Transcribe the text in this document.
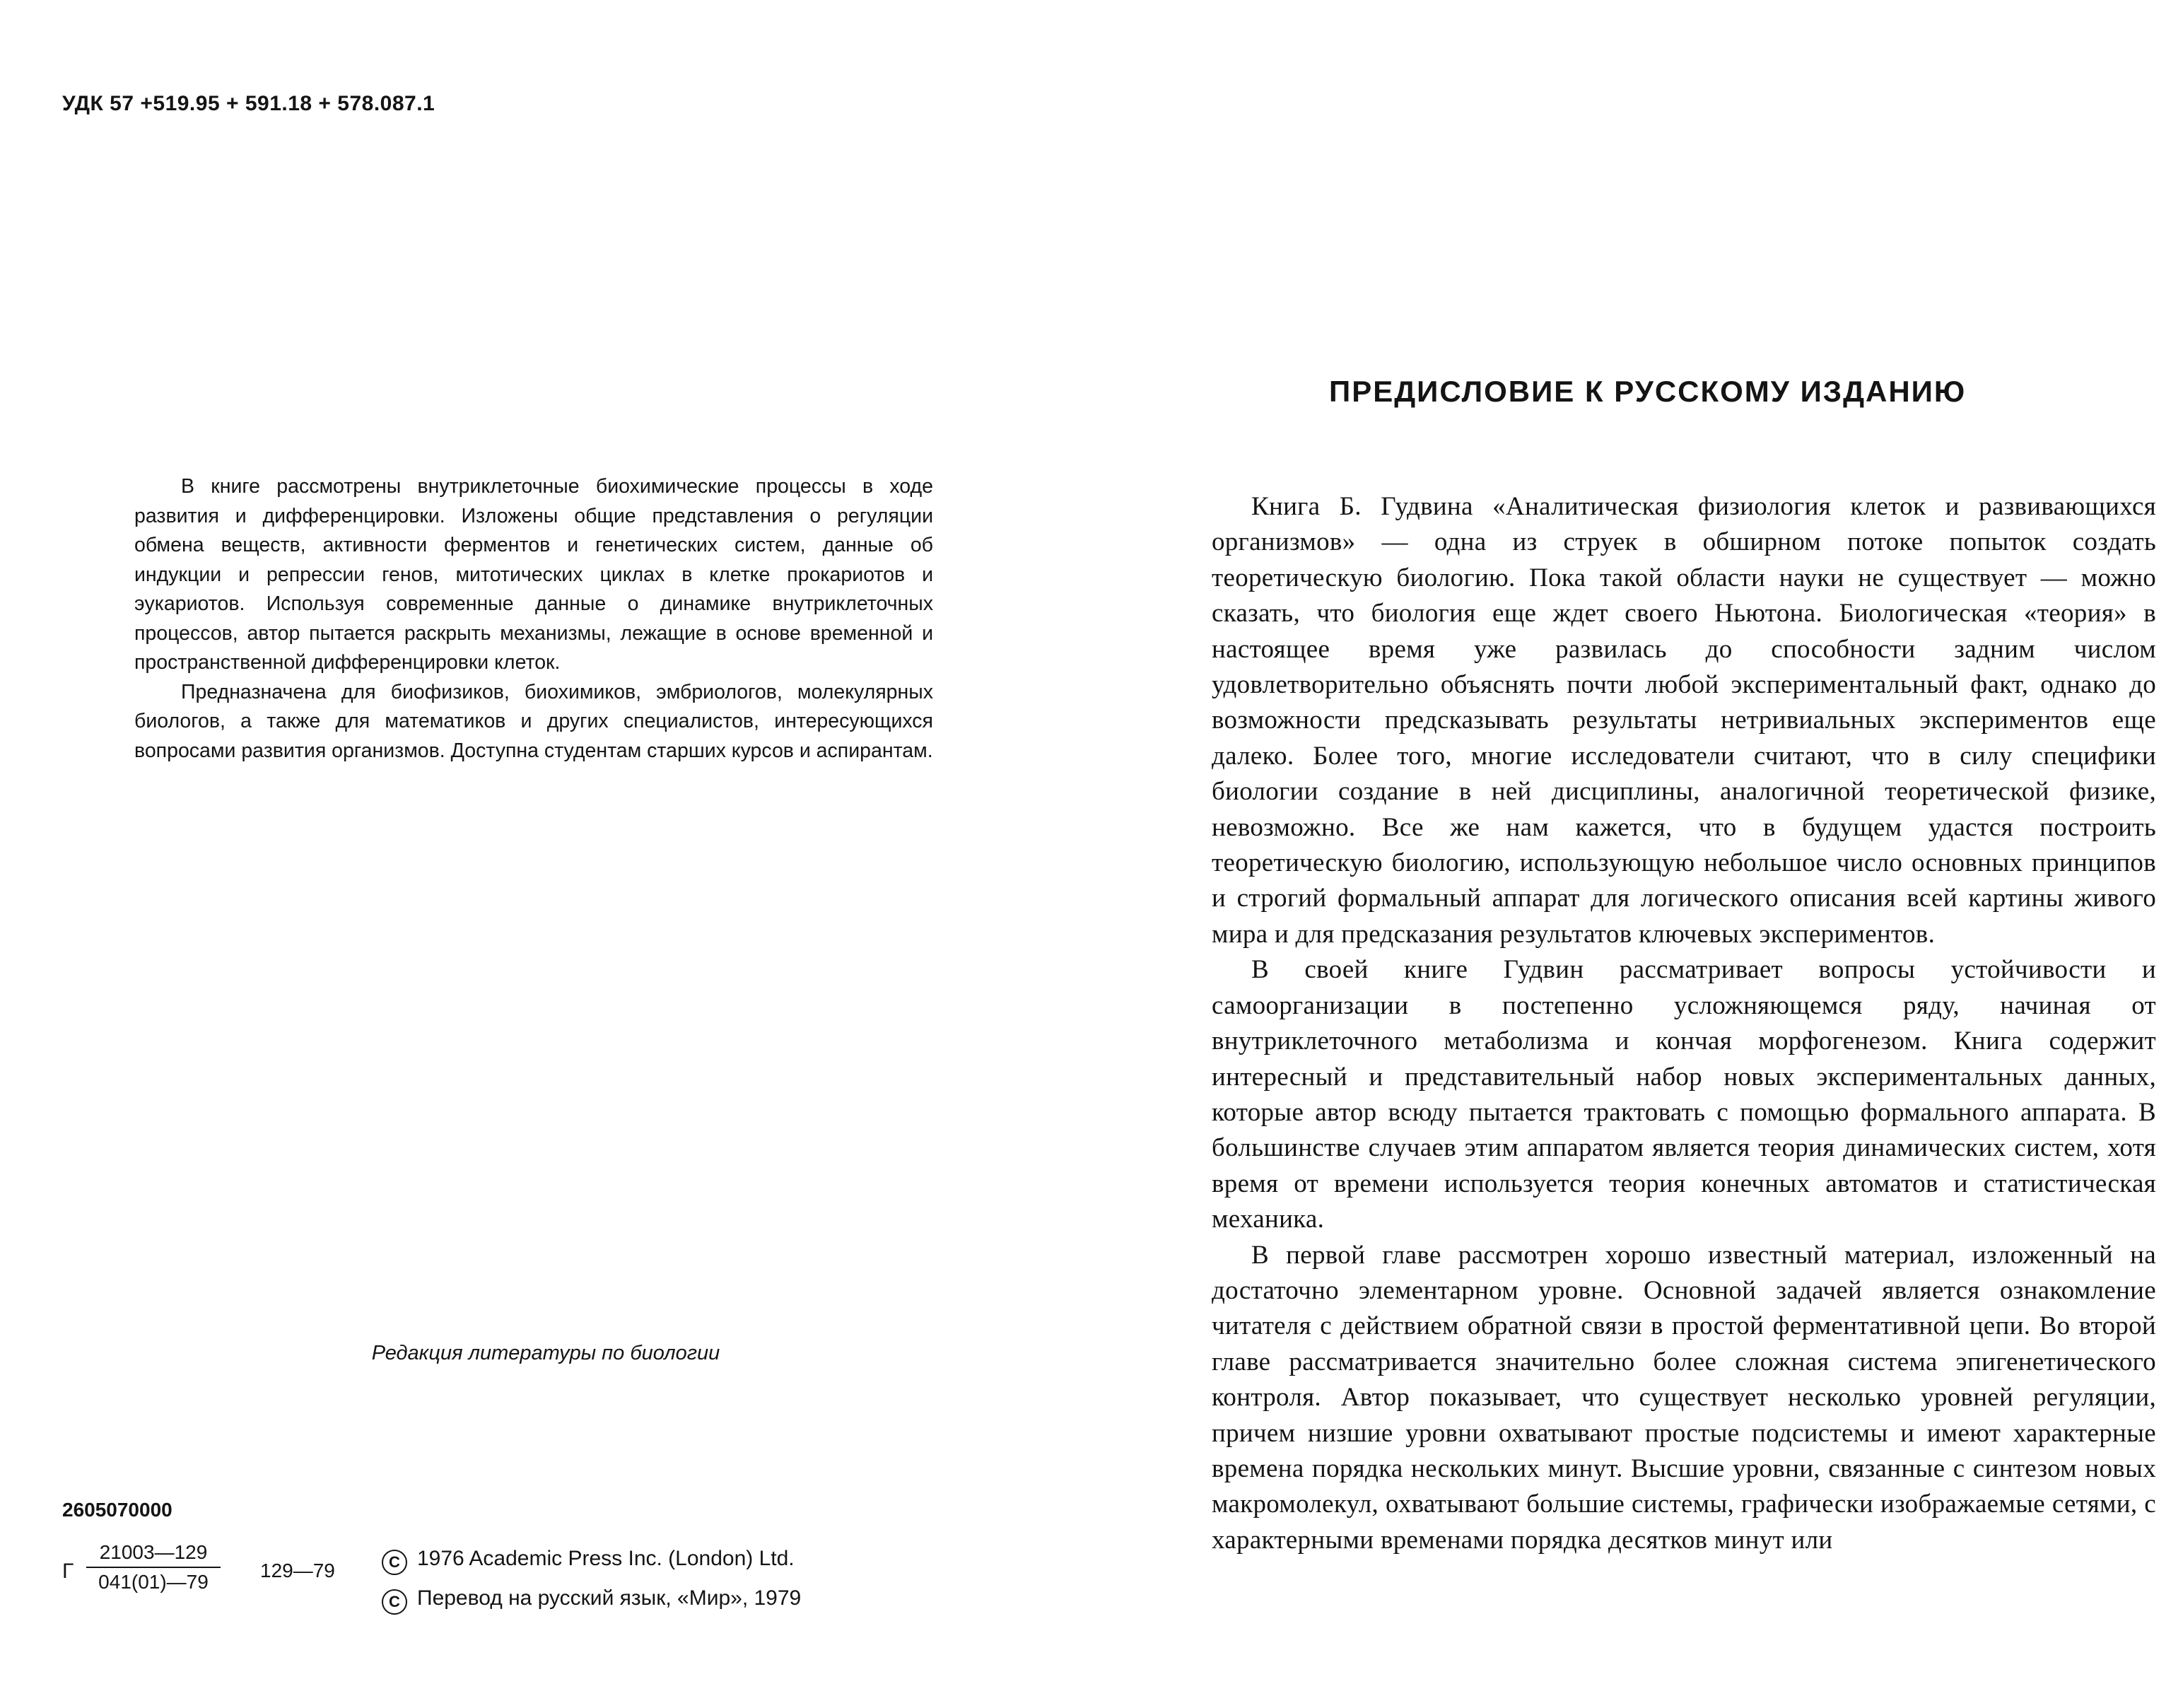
УДК 57 +519.95 + 591.18 + 578.087.1

В книге рассмотрены внутриклеточные биохимические процессы в ходе развития и дифференцировки. Изложены общие представления о регуляции обмена веществ, активности ферментов и генетических систем, данные об индукции и репрессии генов, митотических циклах в клетке прокариотов и эукариотов. Используя современные данные о динамике внутриклеточных процессов, автор пытается раскрыть механизмы, лежащие в основе временной и пространственной дифференцировки клеток.

Предназначена для биофизиков, биохимиков, эмбриологов, молекулярных биологов, а также для математиков и других специалистов, интересующихся вопросами развития организмов. Доступна студентам старших курсов и аспирантам.

Редакция литературы по биологии
2605070000
Г $\frac{21003—129}{041(01)—79}$ 129—79	C 1976 Academic Press Inc. (London) Ltd.
C Перевод на русский язык, «Мир», 1979
ПРЕДИСЛОВИЕ К РУССКОМУ ИЗДАНИЮ

Книга Б. Гудвина «Аналитическая физиология клеток и развивающихся организмов» — одна из струек в обширном потоке попыток создать теоретическую биологию. Пока такой области науки не существует — можно сказать, что биология еще ждет своего Ньютона. Биологическая «теория» в настоящее время уже развилась до способности задним числом удовлетворительно объяснять почти любой экспериментальный факт, однако до возможности предсказывать результаты нетривиальных экспериментов еще далеко. Более того, многие исследователи считают, что в силу специфики биологии создание в ней дисциплины, аналогичной теоретической физике, невозможно. Все же нам кажется, что в будущем удастся построить теоретическую биологию, использующую небольшое число основных принципов и строгий формальный аппарат для логического описания всей картины живого мира и для предсказания результатов ключевых экспериментов.

В своей книге Гудвин рассматривает вопросы устойчивости и самоорганизации в постепенно усложняющемся ряду, начиная от внутриклеточного метаболизма и кончая морфогенезом. Книга содержит интересный и представительный набор новых экспериментальных данных, которые автор всюду пытается трактовать с помощью формального аппарата. В большинстве случаев этим аппаратом является теория динамических систем, хотя время от времени используется теория конечных автоматов и статистическая механика.

В первой главе рассмотрен хорошо известный материал, изложенный на достаточно элементарном уровне. Основной задачей является ознакомление читателя с действием обратной связи в простой ферментативной цепи. Во второй главе рассматривается значительно более сложная система эпигенетического контроля. Автор показывает, что существует несколько уровней регуляции, причем низшие уровни охватывают простые подсистемы и имеют характерные времена порядка нескольких минут. Высшие уровни, связанные с синтезом новых макромолекул, охватывают большие системы, графически изображаемые сетями, с характерными временами порядка десятков минут или
